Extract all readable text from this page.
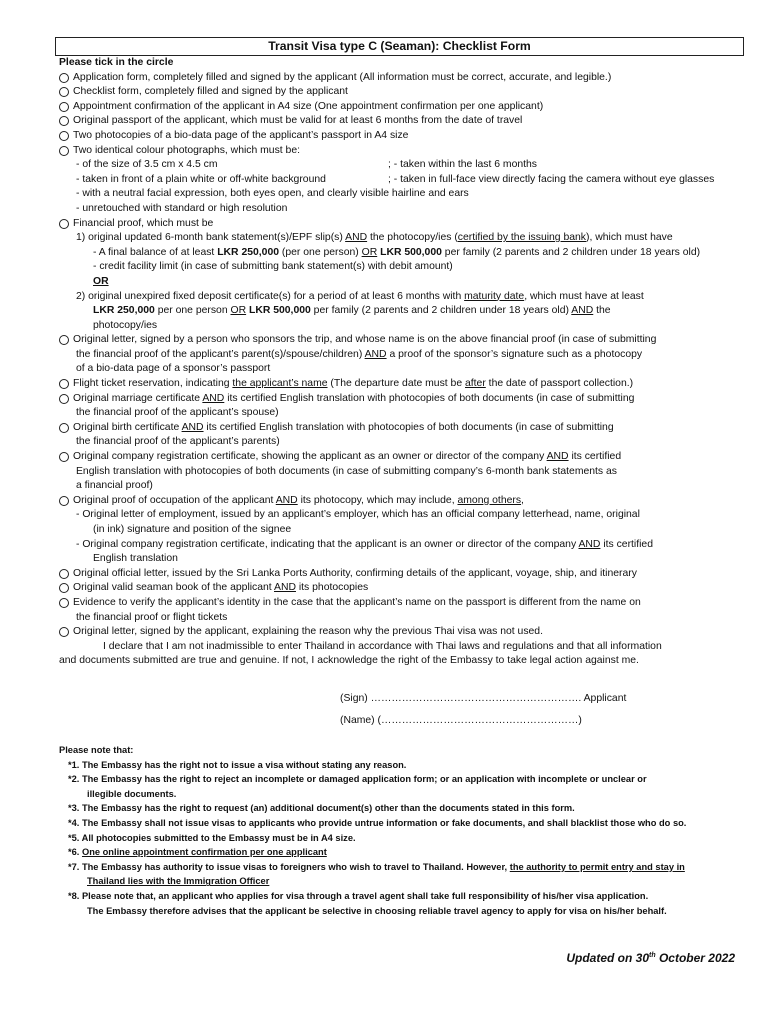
Transit Visa type C (Seaman): Checklist Form
Please tick in the circle
Application form, completely filled and signed by the applicant (All information must be correct, accurate, and legible.)
Checklist form, completely filled and signed by the applicant
Appointment confirmation of the applicant in A4 size (One appointment confirmation per one applicant)
Original passport of the applicant, which must be valid for at least 6 months from the date of travel
Two photocopies of a bio-data page of the applicant’s passport in A4 size
Two identical colour photographs, which must be:
- of the size of 3.5 cm x 4.5 cm	; - taken within the last 6 months
- taken in front of a plain white or off-white background	; - taken in full-face view directly facing the camera without eye glasses
- with a neutral facial expression, both eyes open, and clearly visible hairline and ears
- unretouched with standard or high resolution
Financial proof, which must be
1) original updated 6-month bank statement(s)/EPF slip(s) AND the photocopy/ies (certified by the issuing bank), which must have
- A final balance of at least LKR 250,000 (per one person) OR LKR 500,000 per family (2 parents and 2 children under 18 years old)
- credit facility limit (in case of submitting bank statement(s) with debit amount)
OR
2) original unexpired fixed deposit certificate(s) for a period of at least 6 months with maturity date, which must have at least
LKR 250,000 per one person OR LKR 500,000 per family (2 parents and 2 children under 18 years old) AND the
photocopy/ies
Original letter, signed by a person who sponsors the trip, and whose name is on the above financial proof (in case of submitting
the financial proof of the applicant’s parent(s)/spouse/children) AND a proof of the sponsor’s signature such as a photocopy
of a bio-data page of a sponsor’s passport
Flight ticket reservation, indicating the applicant’s name (The departure date must be after the date of passport collection.)
Original marriage certificate AND its certified English translation with photocopies of both documents (in case of submitting
the financial proof of the applicant’s spouse)
Original birth certificate AND its certified English translation with photocopies of both documents (in case of submitting
the financial proof of the applicant’s parents)
Original company registration certificate, showing the applicant as an owner or director of the company AND its certified
English translation with photocopies of both documents (in case of submitting company’s 6-month bank statements as
a financial proof)
Original proof of occupation of the applicant AND its photocopy, which may include, among others,
- Original letter of employment, issued by an applicant’s employer, which has an official company letterhead, name, original
(in ink) signature and position of the signee
- Original company registration certificate, indicating that the applicant is an owner or director of the company AND its certified
English translation
Original official letter, issued by the Sri Lanka Ports Authority, confirming details of the applicant, voyage, ship, and itinerary
Original valid seaman book of the applicant AND its photocopies
Evidence to verify the applicant’s identity in the case that the applicant’s name on the passport is different from the name on
the financial proof or flight tickets
Original letter, signed by the applicant, explaining the reason why the previous Thai visa was not used.
I declare that I am not inadmissible to enter Thailand in accordance with Thai laws and regulations and that all information
and documents submitted are true and genuine. If not, I acknowledge the right of the Embassy to take legal action against me.
(Sign) ……………………………………………………. Applicant
(Name) (…………………………………………………)
Please note that:
*1. The Embassy has the right not to issue a visa without stating any reason.
*2. The Embassy has the right to reject an incomplete or damaged application form; or an application with incomplete or unclear or
illegible documents.
*3. The Embassy has the right to request (an) additional document(s) other than the documents stated in this form.
*4. The Embassy shall not issue visas to applicants who provide untrue information or fake documents, and shall blacklist those who do so.
*5. All photocopies submitted to the Embassy must be in A4 size.
*6. One online appointment confirmation per one applicant
*7. The Embassy has authority to issue visas to foreigners who wish to travel to Thailand. However, the authority to permit entry and stay in
Thailand lies with the Immigration Officer
*8. Please note that, an applicant who applies for visa through a travel agent shall take full responsibility of his/her visa application.
The Embassy therefore advises that the applicant be selective in choosing reliable travel agency to apply for visa on his/her behalf.
Updated on 30th October 2022
